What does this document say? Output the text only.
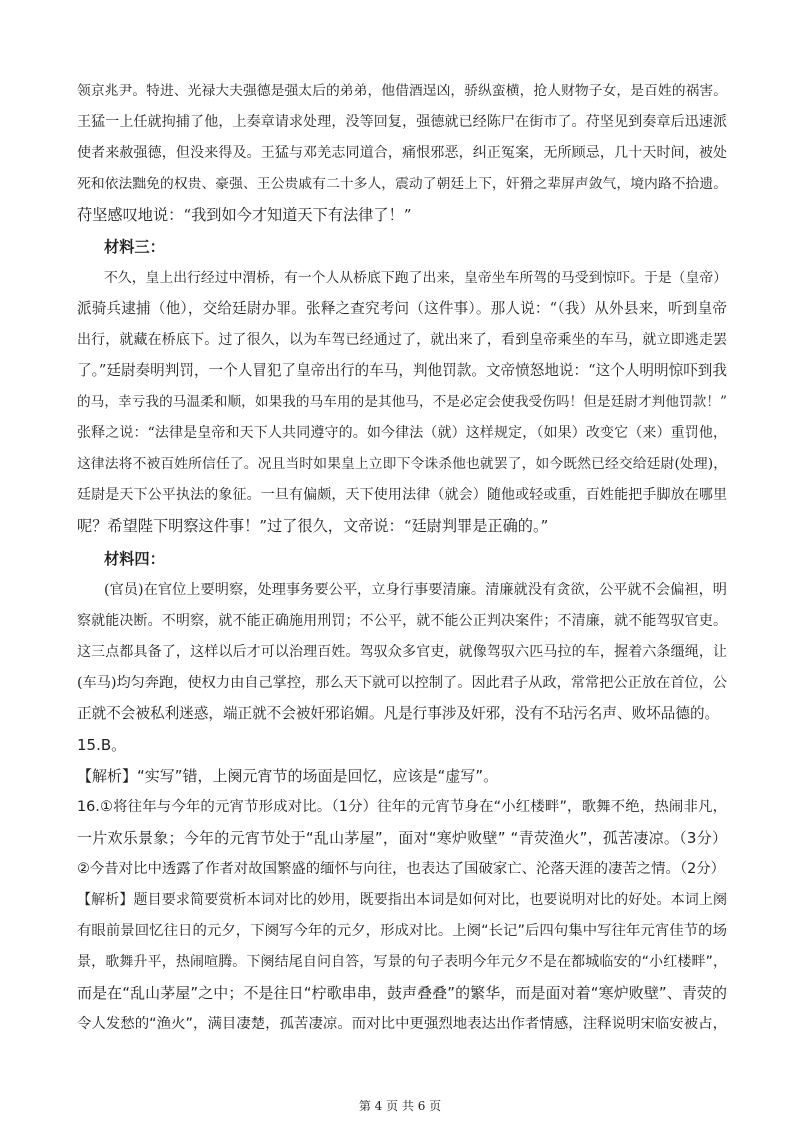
领京兆尹。特进、光禄大夫强德是强太后的弟弟，他借酒逞凶，骄纵蛮横，抢人财物子女，是百姓的祸害。
王猛一上任就拘捕了他，上奏章请求处理，没等回复，强德就已经陈尸在街市了。苻坚见到奏章后迅速派
使者来赦强德，但没来得及。王猛与邓羌志同道合，痛恨邪恶，纠正冤案，无所顾忌，几十天时间，被处
死和依法黜免的权贵、豪强、王公贵戚有二十多人，震动了朝廷上下，奸猾之辈屏声敛气，境内路不拾遗。
苻坚感叹地说：“我到如今才知道天下有法律了！”
材料三：
不久，皇上出行经过中渭桥，有一个人从桥底下跑了出来，皇帝坐车所驾的马受到惊吓。于是（皇帝）
派骑兵逮捕（他），交给廷尉办罪。张释之查究考问（这件事）。那人说：“（我）从外县来，听到皇帝
出行，就藏在桥底下。过了很久，以为车驾已经通过了，就出来了，看到皇帝乘坐的车马，就立即逃走罢
了。”廷尉奏明判罚，一个人冒犯了皇帝出行的车马，判他罚款。文帝愤怒地说：“这个人明明惊吓到我
的马，幸亏我的马温柔和顺，如果我的马车用的是其他马，不是必定会使我受伤吗！但是廷尉才判他罚款！”
张释之说：“法律是皇帝和天下人共同遵守的。如今律法（就）这样规定，（如果）改变它（来）重罚他，
这律法将不被百姓所信任了。况且当时如果皇上立即下令诛杀他也就罢了，如今既然已经交给廷尉(处理)，
廷尉是天下公平执法的象征。一旦有偏颇，天下使用法律（就会）随他或轻或重，百姓能把手脚放在哪里
呢？希望陛下明察这件事！”过了很久，文帝说：“廷尉判罪是正确的。”
材料四：
(官员)在官位上要明察，处理事务要公平，立身行事要清廉。清廉就没有贪欲，公平就不会偏袒，明
察就能决断。不明察，就不能正确施用刑罚；不公平，就不能公正判决案件；不清廉，就不能驾驭官吏。
这三点都具备了，这样以后才可以治理百姓。驾驭众多官吏，就像驾驭六匹马拉的车，握着六条缰绳，让
(车马)均匀奔跑，使权力由自己掌控，那么天下就可以控制了。因此君子从政，常常把公正放在首位，公
正就不会被私利迷惑，端正就不会被奸邪谄媚。凡是行事涉及奸邪，没有不玷污名声、败坏品德的。
15.B。
【解析】“实写”错，上阕元宵节的场面是回忆，应该是“虚写”。
16.①将往年与今年的元宵节形成对比。（1分）往年的元宵节身在“小红楼畔”，歌舞不绝，热闹非凡，
一片欢乐景象；今年的元宵节处于“乱山茅屋”，面对“寒炉败壁” “青荧渔火”，孤苦凄凉。（3分）
②今昔对比中透露了作者对故国繁盛的缅怀与向往，也表达了国破家亡、沦落天涯的凄苦之情。（2分）
【解析】题目要求简要赏析本词对比的妙用，既要指出本词是如何对比，也要说明对比的好处。本词上阕
有眼前景回忆往日的元夕，下阕写今年的元夕，形成对比。上阕“长记”后四句集中写往年元宵佳节的场
景，歌舞升平，热闹喧腾。下阕结尾自问自答，写景的句子表明今年元夕不是在都城临安的“小红楼畔”，
而是在“乱山茅屋”之中；不是往日“柠歌串串，鼓声叠叠”的繁华，而是面对着“寒炉败壁”、青荧的
令人发愁的“渔火”，满目凄楚，孤苦凄凉。而对比中更强烈地表达出作者情感，注释说明宋临安被占，
第 4 页 共 6 页
